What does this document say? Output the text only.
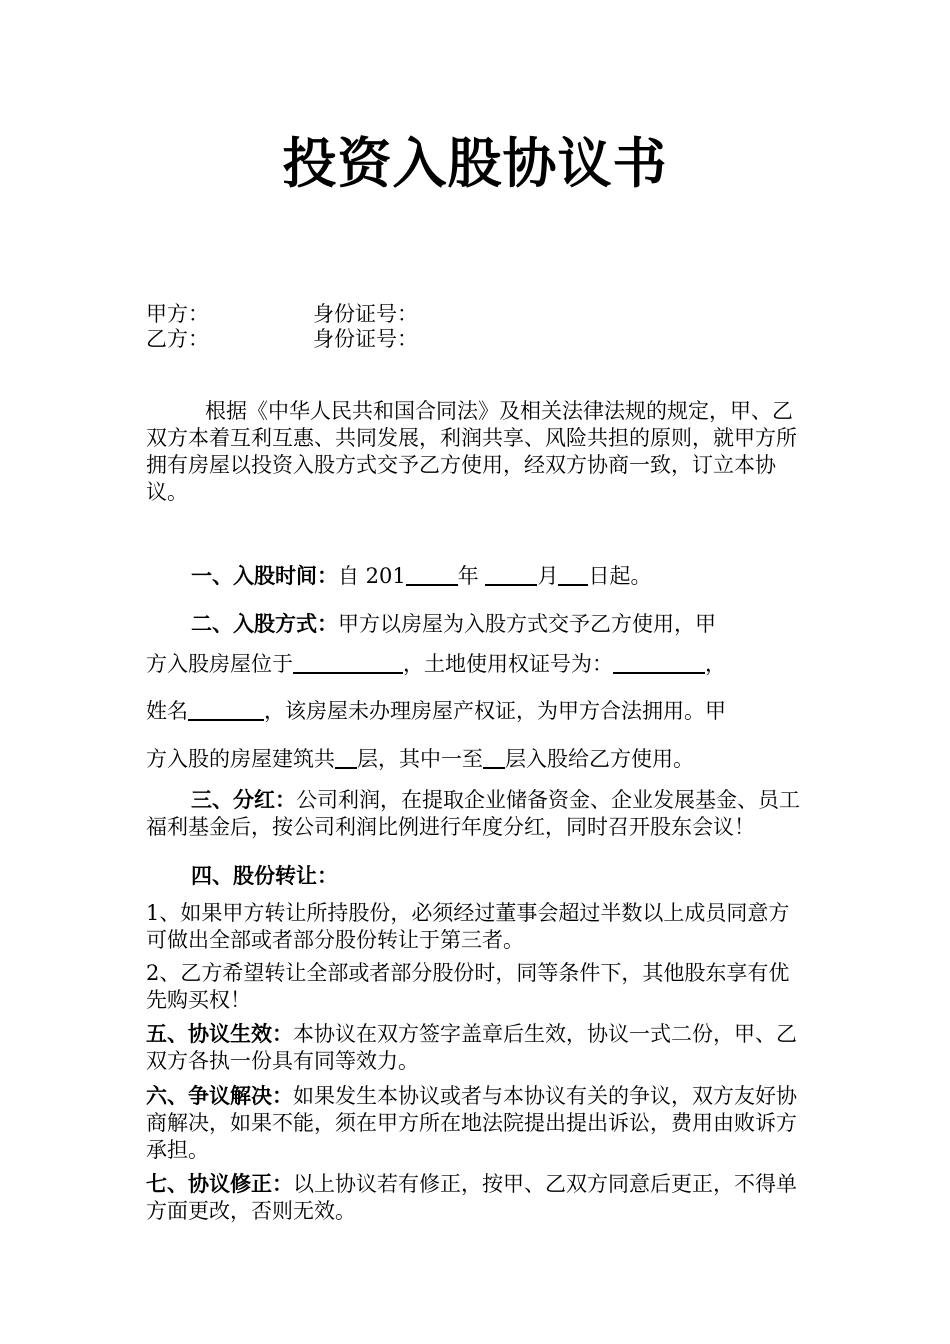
投资入股协议书
甲方：	身份证号：
乙方：	身份证号：
根据《中华人民共和国合同法》及相关法律法规的规定，甲、乙双方本着互利互惠、共同发展，利润共享、风险共担的原则，就甲方所拥有房屋以投资入股方式交予乙方使用，经双方协商一致，订立本协议。
一、入股时间：自 201 年 月 日起。
二、入股方式：甲方以房屋为入股方式交予乙方使用，甲
方入股房屋位于	，土地使用权证号为：	，
姓名	，该房屋未办理房屋产权证，为甲方合法拥用。甲
方入股的房屋建筑共 层，其中一至 层入股给乙方使用。
三、分红：公司利润，在提取企业储备资金、企业发展基金、员工福利基金后，按公司利润比例进行年度分红，同时召开股东会议！
四、股份转让：
1、如果甲方转让所持股份，必须经过董事会超过半数以上成员同意方可做出全部或者部分股份转让于第三者。
2、乙方希望转让全部或者部分股份时，同等条件下，其他股东享有优先购买权！
五、协议生效：本协议在双方签字盖章后生效，协议一式二份，甲、乙双方各执一份具有同等效力。
六、争议解决：如果发生本协议或者与本协议有关的争议，双方友好协商解决，如果不能，须在甲方所在地法院提出提出诉讼，费用由败诉方承担。
七、协议修正：以上协议若有修正，按甲、乙双方同意后更正，不得单方面更改，否则无效。
